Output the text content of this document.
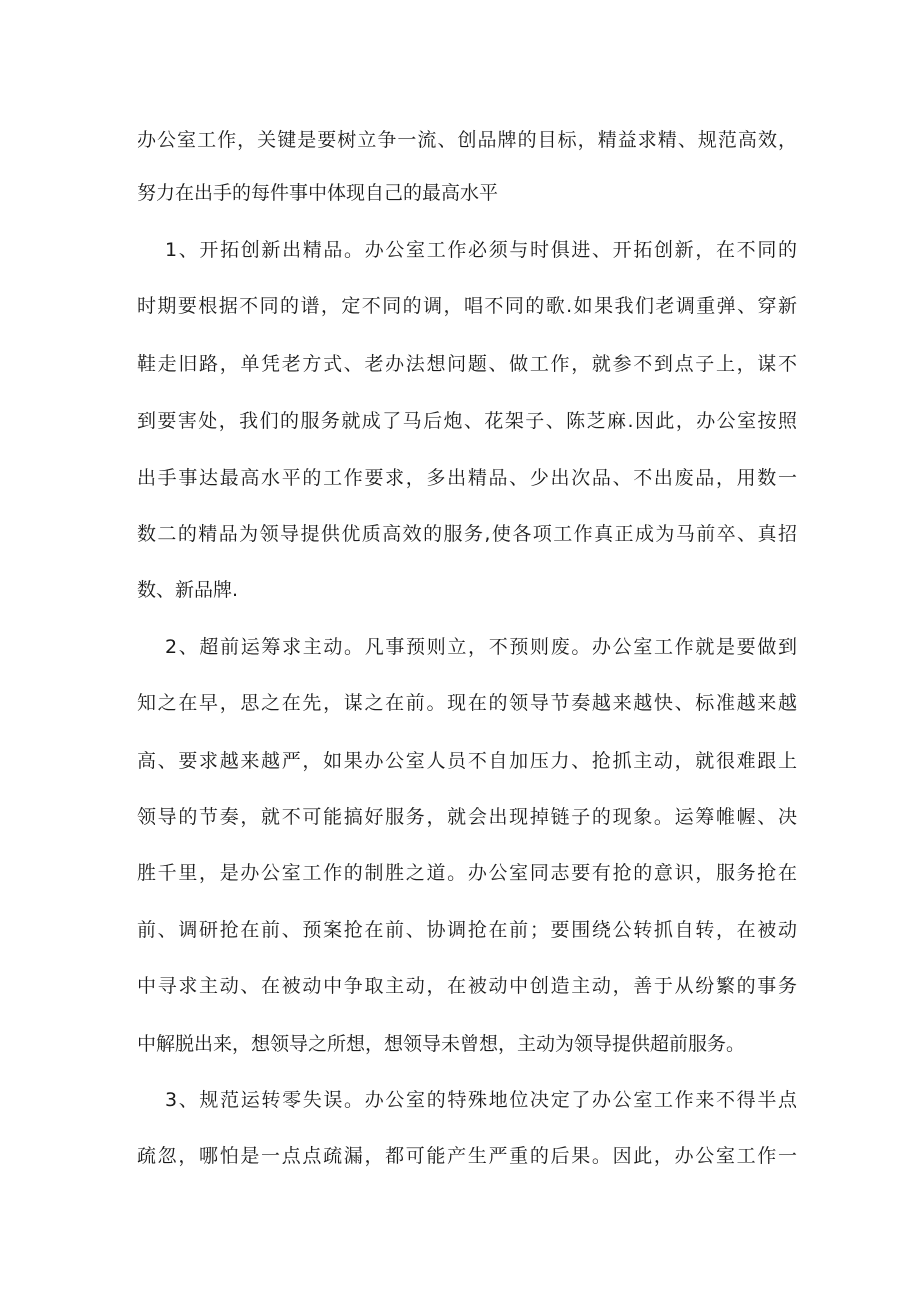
办公室工作，关键是要树立争一流、创品牌的目标，精益求精、规范高效，
努力在出手的每件事中体现自己的最高水平
1、开拓创新出精品。办公室工作必须与时俱进、开拓创新，在不同的
时期要根据不同的谱，定不同的调，唱不同的歌.如果我们老调重弹、穿新
鞋走旧路，单凭老方式、老办法想问题、做工作，就参不到点子上，谋不
到要害处，我们的服务就成了马后炮、花架子、陈芝麻.因此，办公室按照
出手事达最高水平的工作要求，多出精品、少出次品、不出废品，用数一
数二的精品为领导提供优质高效的服务,使各项工作真正成为马前卒、真招
数、新品牌.
2、超前运筹求主动。凡事预则立，不预则废。办公室工作就是要做到
知之在早，思之在先，谋之在前。现在的领导节奏越来越快、标准越来越
高、要求越来越严，如果办公室人员不自加压力、抢抓主动，就很难跟上
领导的节奏，就不可能搞好服务，就会出现掉链子的现象。运筹帷幄、决
胜千里，是办公室工作的制胜之道。办公室同志要有抢的意识，服务抢在
前、调研抢在前、预案抢在前、协调抢在前；要围绕公转抓自转，在被动
中寻求主动、在被动中争取主动，在被动中创造主动，善于从纷繁的事务
中解脱出来，想领导之所想，想领导未曾想，主动为领导提供超前服务。
3、规范运转零失误。办公室的特殊地位决定了办公室工作来不得半点
疏忽，哪怕是一点点疏漏，都可能产生严重的后果。因此，办公室工作一
